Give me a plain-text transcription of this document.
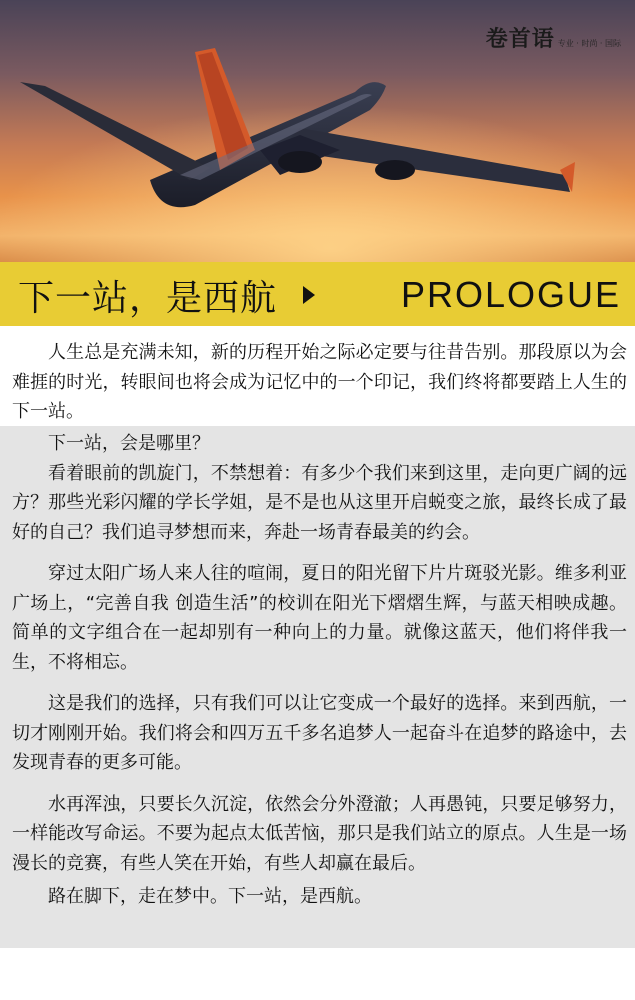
卷首语 专业 · 时尚 · 国际
下一站，是西航	PROLOGUE

人生总是充满未知，新的历程开始之际必定要与往昔告别。那段原以为会难捱的时光，转眼间也将会成为记忆中的一个印记，我们终将都要踏上人生的下一站。

下一站，会是哪里？

看着眼前的凯旋门，不禁想着：有多少个我们来到这里，走向更广阔的远方？那些光彩闪耀的学长学姐，是不是也从这里开启蜕变之旅，最终长成了最好的自己？我们追寻梦想而来，奔赴一场青春最美的约会。

穿过太阳广场人来人往的喧闹，夏日的阳光留下片片斑驳光影。维多利亚广场上，“完善自我 创造生活”的校训在阳光下熠熠生辉，与蓝天相映成趣。简单的文字组合在一起却别有一种向上的力量。就像这蓝天，他们将伴我一生，不将相忘。

这是我们的选择，只有我们可以让它变成一个最好的选择。来到西航，一切才刚刚开始。我们将会和四万五千多名追梦人一起奋斗在追梦的路途中，去发现青春的更多可能。

水再浑浊，只要长久沉淀，依然会分外澄澈；人再愚钝，只要足够努力，一样能改写命运。不要为起点太低苦恼，那只是我们站立的原点。人生是一场漫长的竞赛，有些人笑在开始，有些人却赢在最后。

路在脚下，走在梦中。下一站，是西航。
